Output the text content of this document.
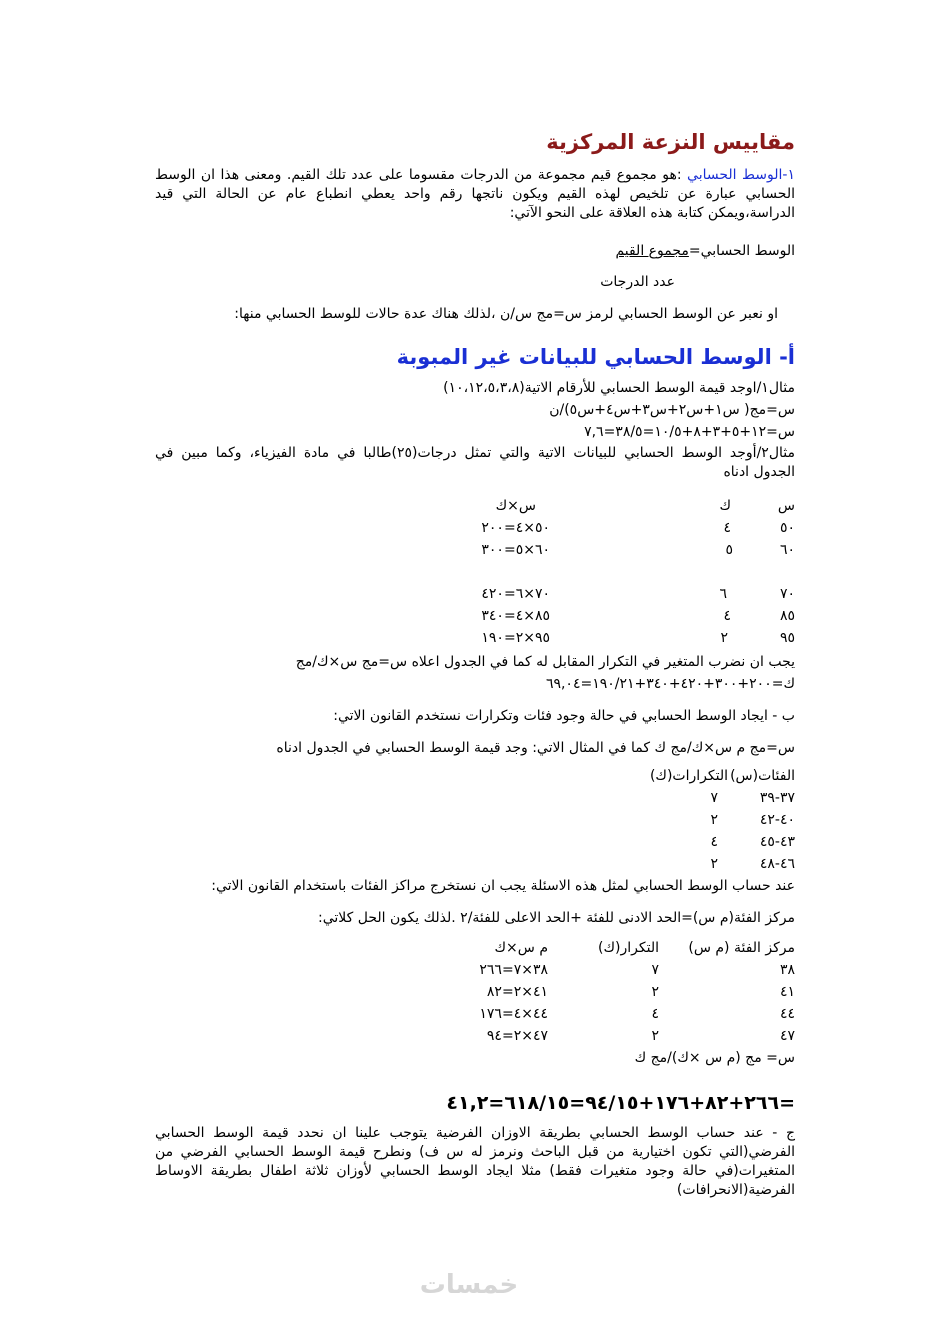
مقاييس النزعة المركزية
١-الوسط الحسابي :هو مجموع قيم مجموعة من الدرجات مقسوما على عدد تلك القيم. ومعنى هذا ان الوسط الحسابي عبارة عن تلخيص لهذه القيم ويكون ناتجها رقم واحد يعطي انطباع عام عن الحالة التي قيد الدراسة،ويمكن كتابة هذه العلاقة على النحو الآتي:
الوسط الحسابي=مجموع القيم
عدد الدرجات
او نعبر عن الوسط الحسابي لرمز س=مج س/ن ،لذلك هناك عدة حالات للوسط الحسابي منها:
أ- الوسط الحسابي للبيانات غير المبوبة
مثال١/اوجد قيمة الوسط الحسابي للأرقام الاتية(١٠،١٢،٥،٣،٨)
س=مج( س١+س٢+س٣+س٤+س٥)/ن
س=١٢+٥+٣+٨+١٠/٥=٣٨/٥=٧,٦
مثال٢/أوجد الوسط الحسابي للبيانات الاتية والتي تمثل درجات(٢٥)طالبا في مادة الفيزياء، وكما مبين في الجدول ادناه
س
ك
س×ك
٥٠
٤
٥٠×٤=٢٠٠
٦٠
٥
٦٠×٥=٣٠٠
٧٠
٦
٧٠×٦=٤٢٠
٨٥
٤
٨٥×٤=٣٤٠
٩٥
٢
٩٥×٢=١٩٠
يجب ان نضرب المتغير في التكرار المقابل له كما في الجدول اعلاه س=مج س×ك/مج
ك=٢٠٠+٣٠٠+٤٢٠+٣٤٠+١٩٠/٢١=٦٩,٠٤
ب - ايجاد الوسط الحسابي في حالة وجود فئات وتكرارات نستخدم القانون الاتي:
س=مج م س×ك/مج ك كما في المثال الاتي: وجد قيمة الوسط الحسابي في الجدول ادناه
الفئات(س)
التكرارات(ك)
٣٧-٣٩
٧
٤٠-٤٢
٢
٤٣-٤٥
٤
٤٦-٤٨
٢
عند حساب الوسط الحسابي لمثل هذه الاسئلة يجب ان نستخرج مراكز الفئات باستخدام القانون الاتي:
مركز الفئة(م س)=الحد الادنى للفئة +الحد الاعلى للفئة/٢ .لذلك يكون الحل كلاتي:
مركز الفئة (م س)
التكرار(ك)
م س×ك
٣٨
٧
٣٨×٧=٢٦٦
٤١
٢
٤١×٢=٨٢
٤٤
٤
٤٤×٤=١٧٦
٤٧
٢
٤٧×٢=٩٤
س= مج (م س ×ك)/مج ك
=٢٦٦+٨٢+١٧٦+٩٤/١٥=٦١٨/١٥=٤١,٢
ج - عند حساب الوسط الحسابي بطريقة الاوزان الفرضية يتوجب علينا ان نحدد قيمة الوسط الحسابي الفرضي(التي تكون اختيارية من قبل الباحث ونرمز له س ف) ونطرح قيمة الوسط الحسابي الفرضي من المتغيرات(في حالة وجود متغيرات فقط) مثلا ايجاد الوسط الحسابي لأوزان ثلاثة اطفال بطريقة الاوساط الفرضية(الانحرافات)
خمسات
